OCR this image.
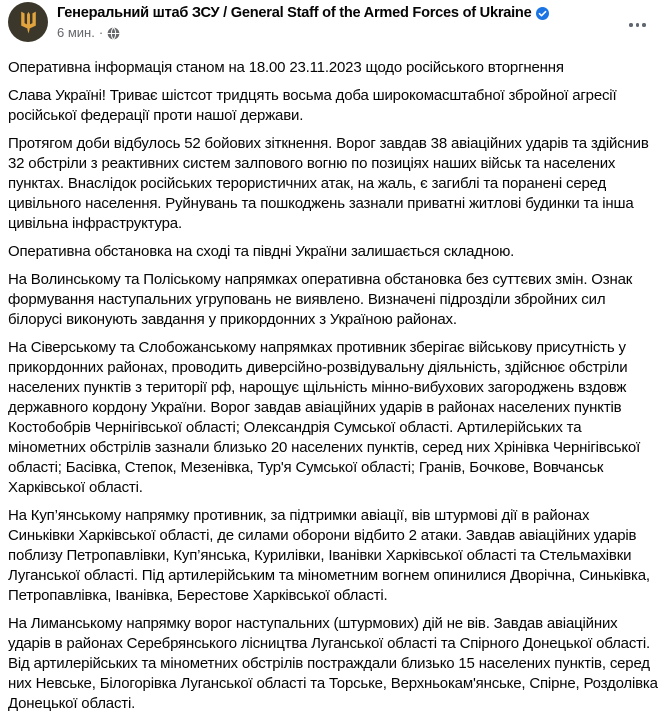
Генеральний штаб ЗСУ / General Staff of the Armed Forces of Ukraine
6 мин. ·

Оперативна інформація станом на 18.00 23.11.2023 щодо російського вторгнення

Слава Україні! Триває шістсот тридцять восьма доба широкомасштабної збройної агресії російської федерації проти нашої держави.

Протягом доби відбулось 52 бойових зіткнення. Ворог завдав 38 авіаційних ударів та здійснив 32 обстріли з реактивних систем залпового вогню по позиціях наших військ та населених пунктах. Внаслідок російських терористичних атак, на жаль, є загиблі та поранені серед цивільного населення. Руйнувань та пошкоджень зазнали приватні житлові будинки та інша цивільна інфраструктура.

Оперативна обстановка на сході та півдні України залишається складною.

На Волинському та Поліському напрямках оперативна обстановка без суттєвих змін. Ознак формування наступальних угруповань не виявлено. Визначені підрозділи збройних сил білорусі виконують завдання у прикордонних з Україною районах.

На Сіверському та Слобожанському напрямках противник зберігає військову присутність у прикордонних районах, проводить диверсійно-розвідувальну діяльність, здійснює обстріли населених пунктів з території рф, нарощує щільність мінно-вибухових загороджень вздовж державного кордону України. Ворог завдав авіаційних ударів в районах населених пунктів Костобобрів Чернігівської області; Олександрія Сумської області. Артилерійських та мінометних обстрілів зазнали близько 20 населених пунктів, серед них Хрінівка Чернігівської області; Басівка, Степок, Мезенівка, Тур'я Сумської області; Гранів, Бочкове, Вовчанськ Харківської області.

На Куп’янському напрямку противник, за підтримки авіації, вів штурмові дії в районах Синьківки Харківської області, де силами оборони відбито 2 атаки. Завдав авіаційних ударів поблизу Петропавлівки, Куп’янська, Курилівки, Іванівки Харківської області та Стельмахівки Луганської області. Під артилерійським та мінометним вогнем опинилися Дворічна, Синьківка, Петропавлівка, Іванівка, Берестове Харківської області.

На Лиманському напрямку ворог наступальних (штурмових) дій не вів. Завдав авіаційних ударів в районах Серебрянського лісництва Луганської області та Спірного Донецької області. Від артилерійських та мінометних обстрілів постраждали близько 15 населених пунктів, серед них Невське, Білогорівка Луганської області та Торське, Верхньокам'янське, Спірне, Роздолівка Донецької області.
